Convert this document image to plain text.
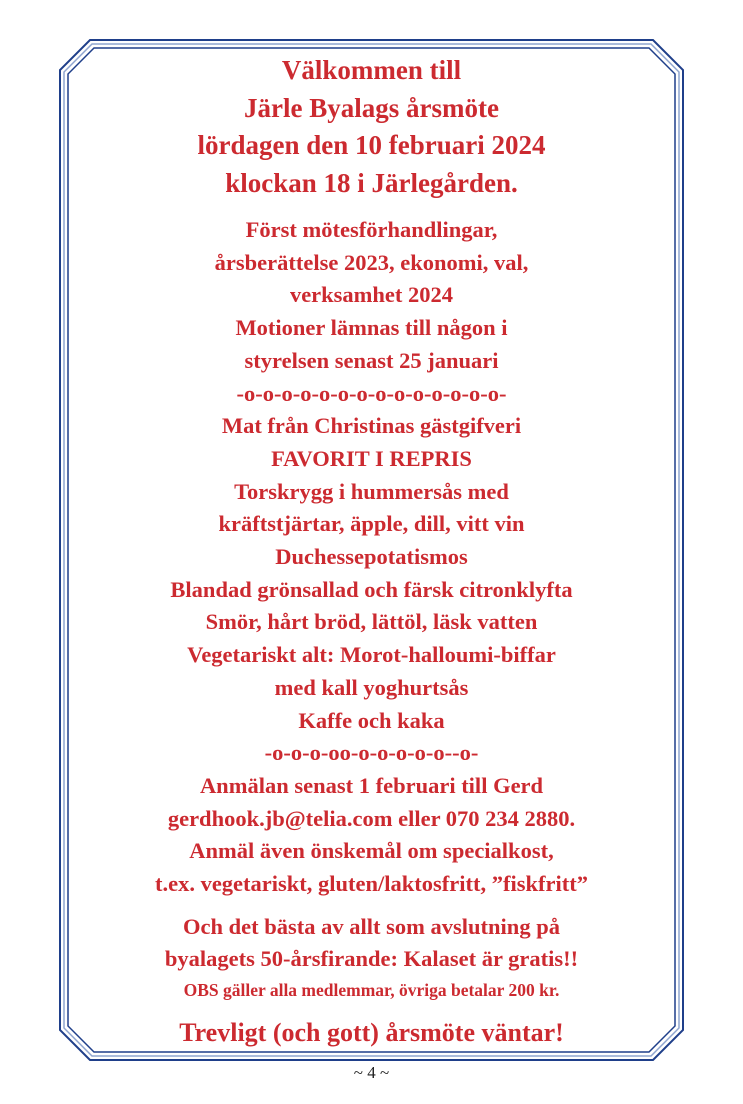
Välkommen till
Järle Byalags årsmöte
lördagen den 10 februari 2024
klockan 18 i Järlegården.
Först mötesförhandlingar,
årsberättelse 2023, ekonomi, val,
verksamhet 2024
Motioner lämnas till någon i
styrelsen senast 25 januari
-o-o-o-o-o-o-o-o-o-o-o-o-o-o-
Mat från Christinas gästgifveri
FAVORIT I REPRIS
Torskrygg i hummersås med
kräftstjärtar, äpple, dill, vitt vin
Duchessepotatismos
Blandad grönsallad och färsk citronklyfta
Smör, hårt bröd, lättöl, läsk vatten
Vegetariskt alt: Morot-halloumi-biffar
med kall yoghurtsås
Kaffe och kaka
-o-o-o-oo-o-o-o-o-o--o-
Anmälan senast 1 februari till Gerd
gerdhook.jb@telia.com eller 070 234 2880.
Anmäl även önskemål om specialkost,
t.ex. vegetariskt, gluten/laktosfritt, ”fiskfritt”
Och det bästa av allt som avslutning på
byalagets 50-årsfirande: Kalaset är gratis!!
OBS gäller alla medlemmar, övriga betalar 200 kr.
Trevligt (och gott) årsmöte väntar!
~ 4 ~
